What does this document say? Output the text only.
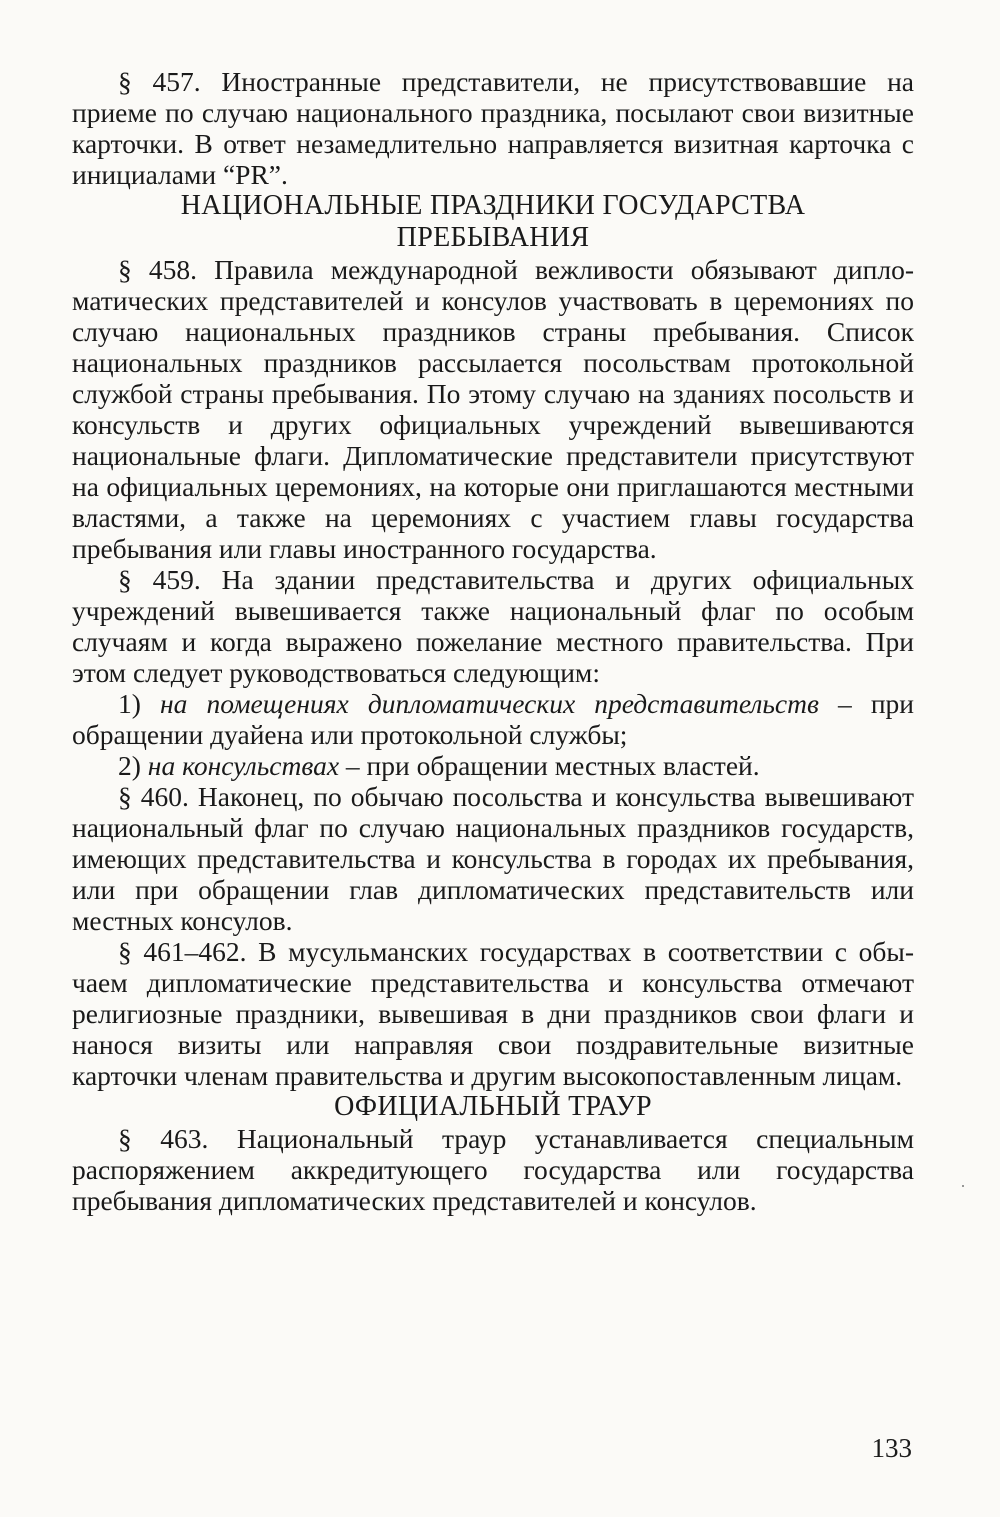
§ 457. Иностранные представители, не присутствовавшие на приеме по случаю национального праздника, посылают свои визитные карточки. В ответ незамедлительно направляется визитная карточка с инициалами “PR”.

НАЦИОНАЛЬНЫЕ ПРАЗДНИКИ ГОСУДАРСТВА
ПРЕБЫВАНИЯ

§ 458. Правила международной вежливости обязывают дипломатических представителей и консулов участвовать в церемониях по случаю национальных праздников страны пребывания. Список национальных праздников рассылается посольствам протокольной службой страны пребывания. По этому случаю на зданиях посольств и консульств и других официальных учреждений вывешиваются национальные флаги. Дипломатические представители присутствуют на официальных церемониях, на которые они приглашаются местными властями, а также на церемониях с участием главы государства пребывания или главы иностранного государства.

§ 459. На здании представительства и других официальных учреждений вывешивается также национальный флаг по особым случаям и когда выражено пожелание местного правительства. При этом следует руководствоваться следующим:

1) на помещениях дипломатических представительств – при обращении дуайена или протокольной службы;

2) на консульствах – при обращении местных властей.

§ 460. Наконец, по обычаю посольства и консульства вывешивают национальный флаг по случаю национальных праздников государств, имеющих представительства и консульства в городах их пребывания, или при обращении глав дипломатических представительств или местных консулов.

§ 461–462. В мусульманских государствах в соответствии с обычаем дипломатические представительства и консульства отмечают религиозные праздники, вывешивая в дни праздников свои флаги и нанося визиты или направляя свои поздравительные визитные карточки членам правительства и другим высокопоставленным лицам.

ОФИЦИАЛЬНЫЙ ТРАУР

§ 463. Национальный траур устанавливается специальным распоряжением аккредитующего государства или государства пребывания дипломатических представителей и консулов.

133
